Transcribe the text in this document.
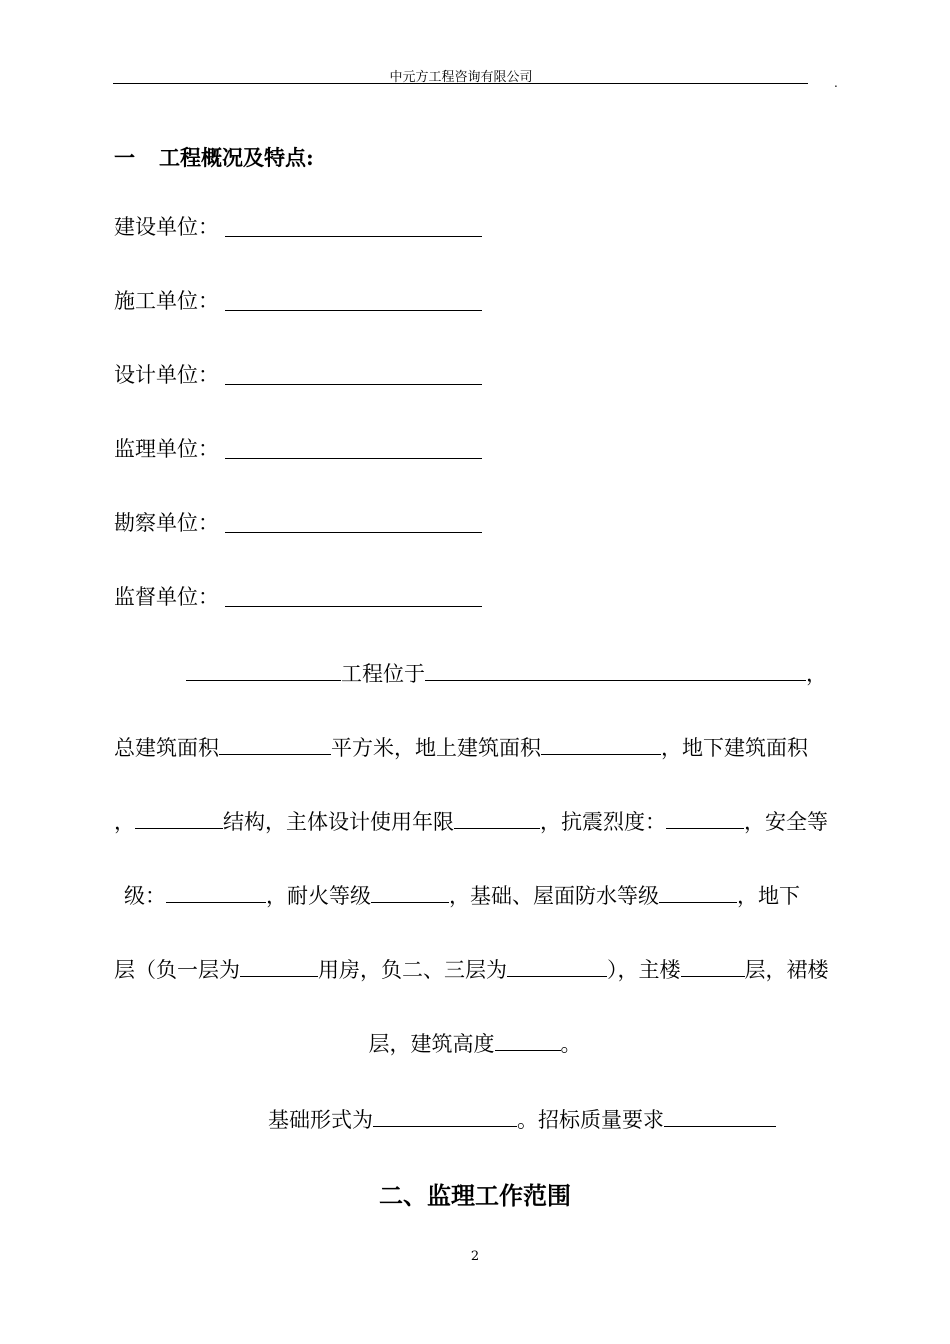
中元方工程咨询有限公司	.
一 工程概况及特点:
建设单位：
施工单位：
设计单位：
监理单位：
勘察单位：
监督单位：
工程位于	，
总建筑面积	平方米，地上建筑面积	，地下建筑面积
，	结构，主体设计使用年限	，抗震烈度：	，安全等
级：	，耐火等级	，基础、屋面防水等级	，地下
层（负一层为	用房，负二、三层为	），主楼	层，裙楼
层，建筑高度	。
基础形式为	。招标质量要求
二、监理工作范围
2
